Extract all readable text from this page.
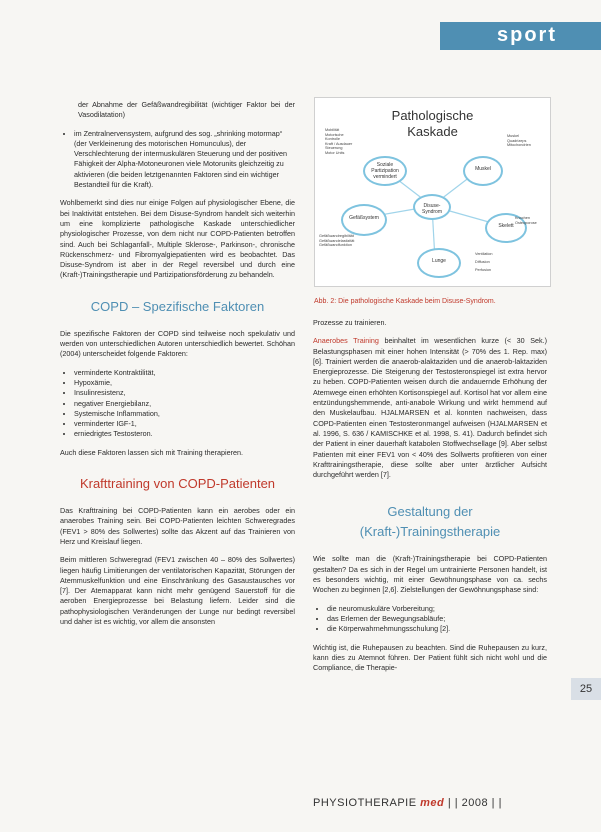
sport

der Abnahme der Gefäßwandregibilität (wichtiger Faktor bei der Vasodilatation)

• im Zentralnervensystem, aufgrund des sog. „shrinking motormap“ (der Verkleinerung des motorischen Homunculus), der Verschlechterung der intermuskulären Steuerung und der positiven Fähigkeit der Alpha-Motoneuronen viele Motorunits gleichzeitig zu aktivieren (die beiden letztgenannten Faktoren sind ein wichtiger Bestandteil für die Kraft).

Wohlbemerkt sind dies nur einige Folgen auf physiologischer Ebene, die bei Inaktivität entstehen. Bei dem Disuse-Syndrom handelt sich weiterhin um eine komplizierte pathologische Kaskade unterschiedlicher physiologischer Prozesse, von dem nicht nur COPD-Patienten betroffen sind. Auch bei Schlaganfall-, Multiple Sklerose-, Parkinson-, chronische Rückenschmerz- und Fibromyalgiepatienten wird es beobachtet. Das Disuse-Syndrom ist aber in der Regel reversibel und durch eine (Kraft-)Trainingstherapie und Partizipationsförderung zu behandeln.

COPD – Spezifische Faktoren

Die spezifische Faktoren der COPD sind teilweise noch spekulativ und werden von unterschiedlichen Autoren unterschiedlich bewertet. Schöhan (2004) unterscheidet folgende Faktoren:

• verminderte Kontraktilität,
• Hypoxämie,
• Insulinresistenz,
• negativer Energiebilanz,
• Systemische Inflammation,
• verminderter IGF-1,
• erniedrigtes Testosteron.

Auch diese Faktoren lassen sich mit Training therapieren.

Krafttraining von COPD-Patienten

Das Krafttraining bei COPD-Patienten kann ein aerobes oder ein anaerobes Training sein. Bei COPD-Patienten leichten Schweregrades (FEV1 > 80% des Sollwertes) sollte das Akzent auf das Trainieren von Herz und Kreislauf liegen.

Beim mittleren Schweregrad (FEV1 zwischen 40 – 80% des Sollwertes) liegen häufig Limitierungen der ventilatorischen Kapazität, Störungen der Atemmuskelfunktion und eine Einschränkung des Gasaustausches vor [7]. Der Atemapparat kann nicht mehr genügend Sauerstoff für die aeroben Energieprozesse bei Belastung liefern. Leider sind die pathophysiologischen Veränderungen der Lunge nur bedingt reversibel und daher ist es wichtig, vor allem die ansonsten

Pathologische
Kaskade
Soziale Partizipation vermindert
Muskel
Disuse-Syndrom
Gefäßsystem
Skelett
Lunge
Mobilität
Motorische
Kontrolle
Kraft / Ausdauer
Steuerung
Motor Units
Muskel
Quadrizeps
Mitochondrien
Knochen
Osteoporose
Gefäßwandregibilität
Gefäßwandelastizität
Gefäßwandfunktion
Ventilation
Diffusion
Perfusion
Abb. 2: Die pathologische Kaskade beim Disuse-Syndrom.

Prozesse zu trainieren.

Anaerobes Training beinhaltet im wesentlichen kurze (< 30 Sek.) Belastungsphasen mit einer hohen Intensität (> 70% des 1. Rep. max) [6]. Trainiert werden die anaerob-alaktaziden und die anaerob-laktaziden Energieprozesse. Die Steigerung der Testosteronspiegel ist extra hervor zu heben. COPD-Patienten weisen durch die andauernde Erhöhung der Atemwege einen erhöhten Kortisonspiegel auf. Kortisol hat vor allem eine entzündungshemmende, anti-anabole Wirkung und wirkt hemmend auf den Muskelaufbau. HJALMARSEN et al. konnten nachweisen, dass COPD-Patienten einen Testosteronmangel aufweisen (HJALMARSEN et al. 1996, S. 636 / KAMISCHKE et al. 1998, S. 41). Dadurch befindet sich der Patient in einer dauerhaft katabolen Stoffwechsellage [9]. Aber selbst Patienten mit einer FEV1 von < 40% des Sollwerts profitieren von einer Krafttrainingstherapie, diese sollte aber unter ärztlicher Aufsicht durchgeführt werden [7].

Gestaltung der
(Kraft-)Trainingstherapie

Wie sollte man die (Kraft-)Trainingstherapie bei COPD-Patienten gestalten? Da es sich in der Regel um untrainierte Personen handelt, ist es besonders wichtig, mit einer Gewöhnungsphase von ca. sechs Wochen zu beginnen [2,6]. Zielstellungen der Gewöhnungsphase sind:

• die neuromuskuläre Vorbereitung;
• das Erlernen der Bewegungsabläufe;
• die Körperwahrnehmungsschulung [2].

Wichtig ist, die Ruhepausen zu beachten. Sind die Ruhepausen zu kurz, kann dies zu Atemnot führen. Der Patient fühlt sich nicht wohl und die Compliance, die Therapie-

25
PHYSIOTHERAPIE med | | 2008 | |
